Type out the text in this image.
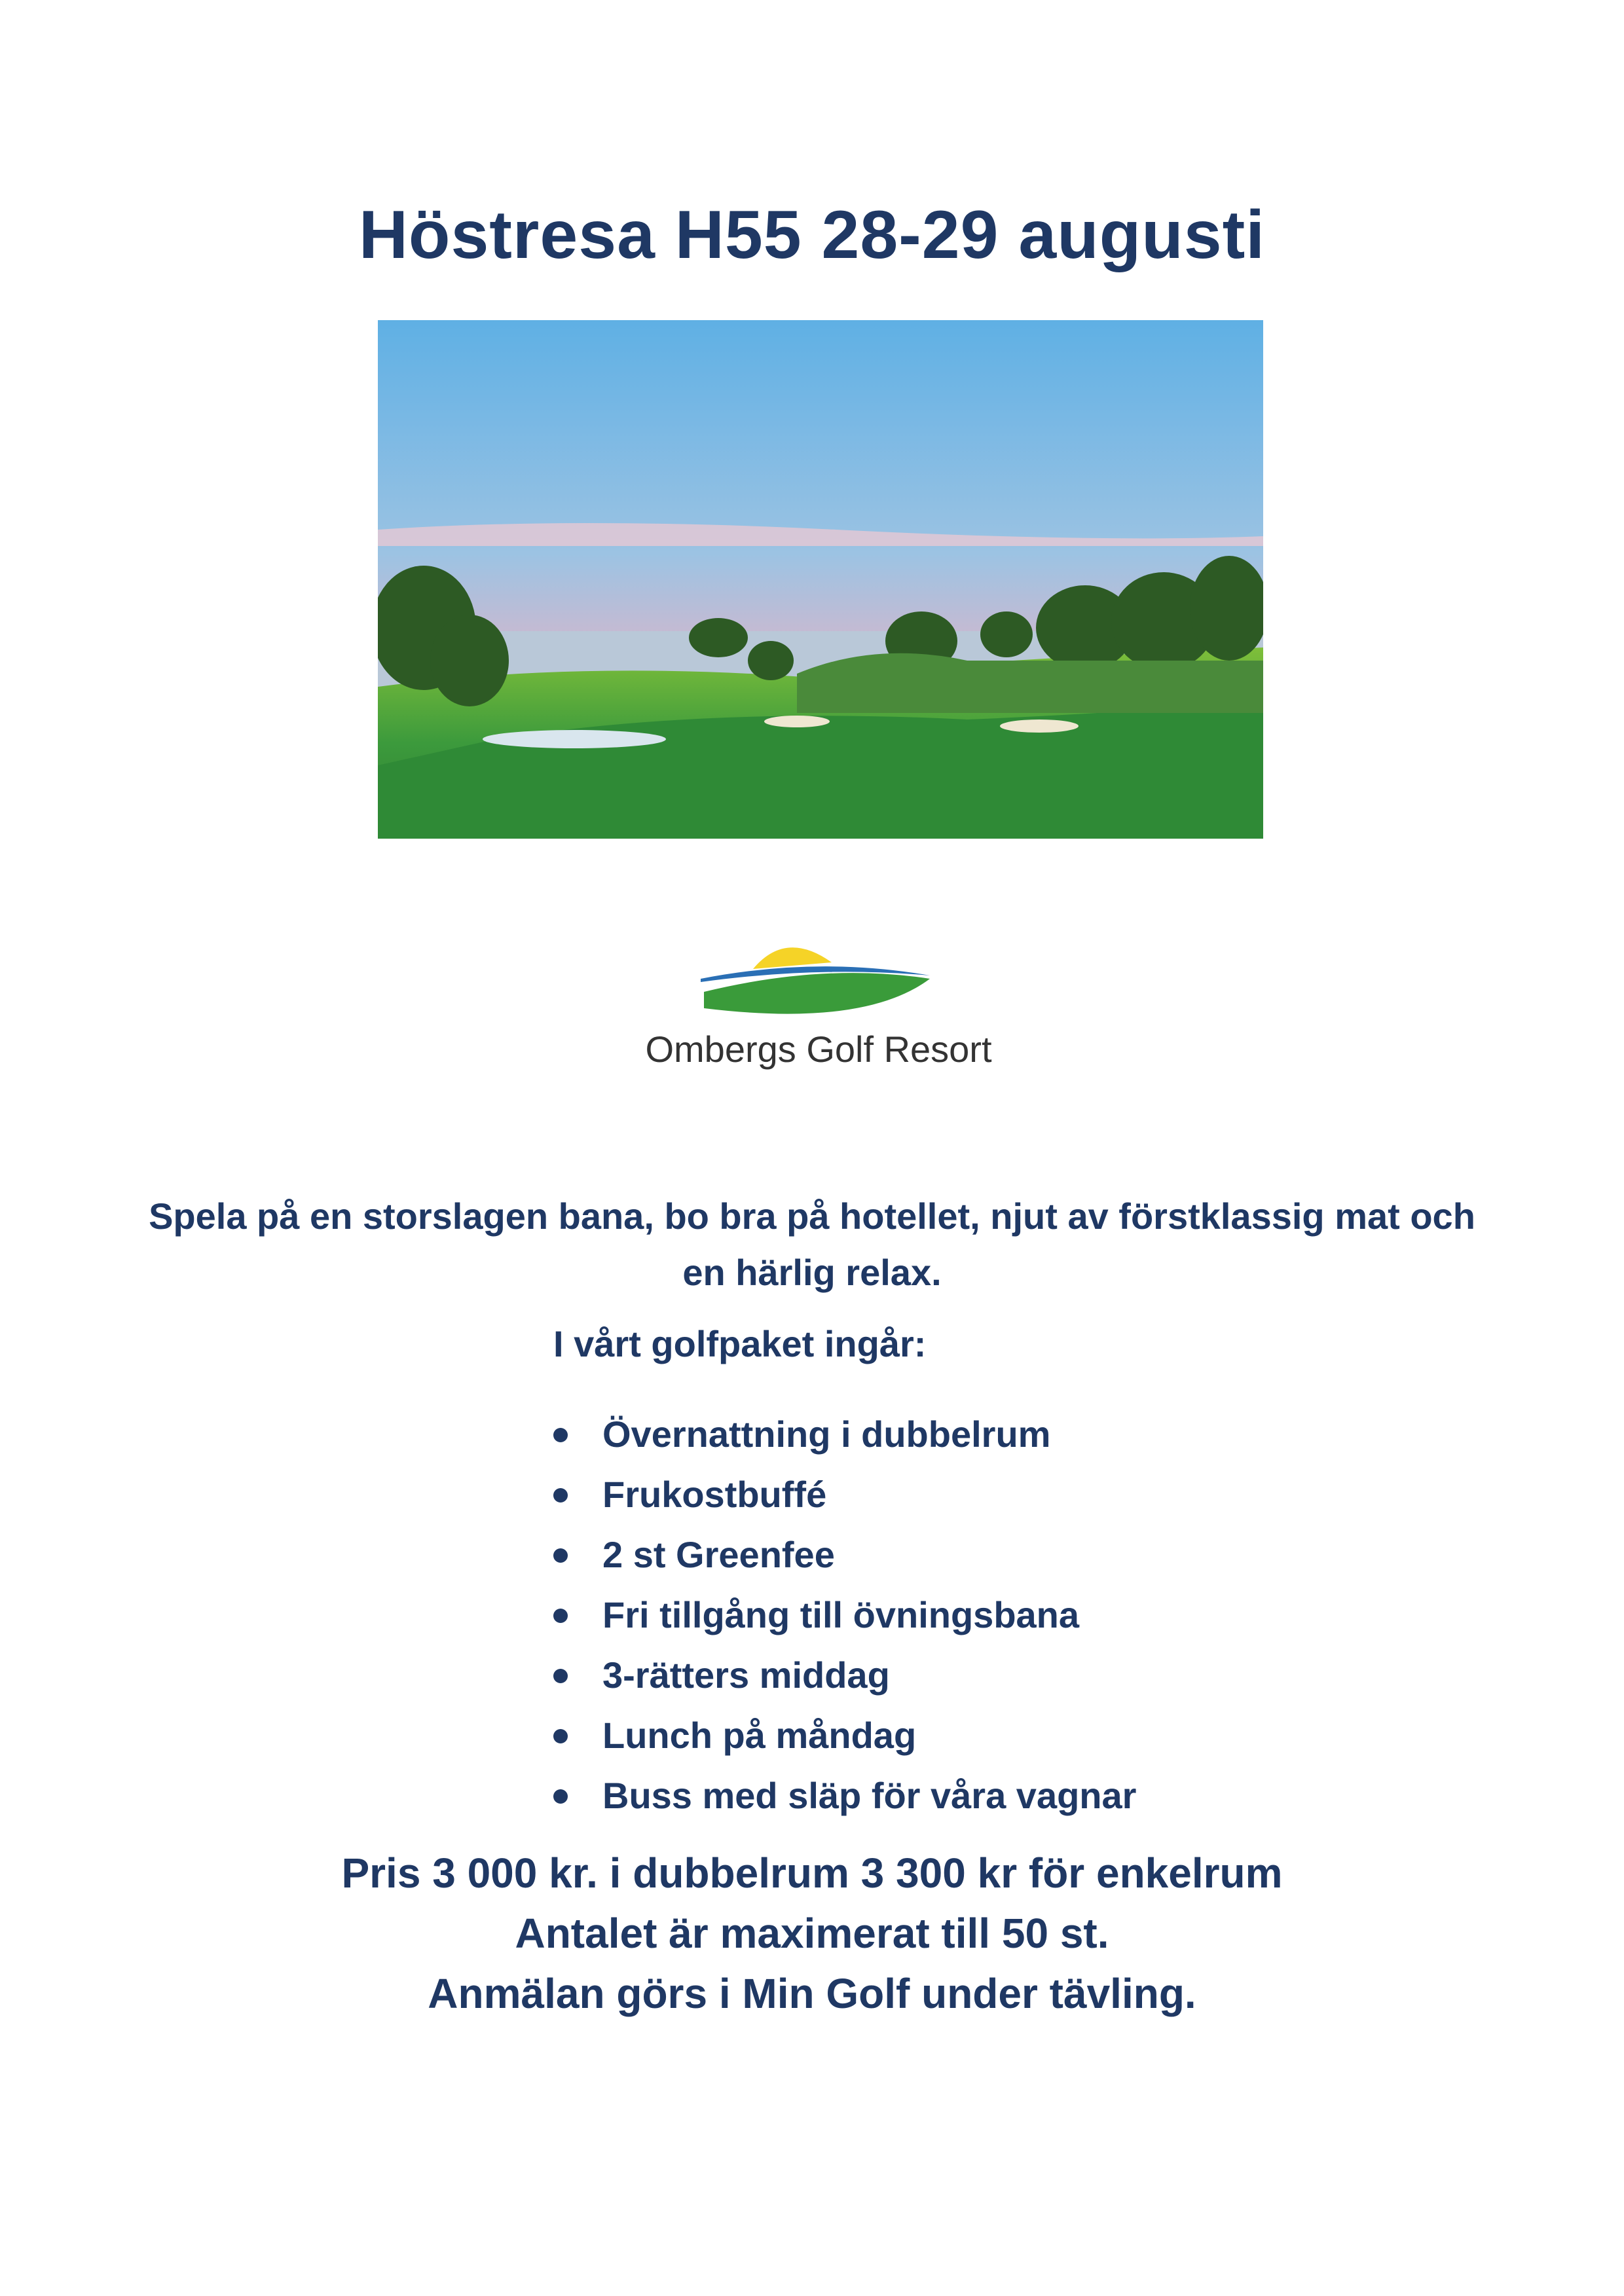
Höstresa H55 28-29 augusti
Ombergs Golf Resort

Spela på en storslagen bana, bo bra på hotellet, njut av förstklassig mat och en härlig relax.

I vårt golfpaket ingår:

Övernattning i dubbelrum
Frukostbuffé
2 st Greenfee
Fri tillgång till övningsbana
3-rätters middag
Lunch på måndag
Buss med släp för våra vagnar
Pris 3 000 kr. i dubbelrum 3 300 kr för enkelrum
Antalet är maximerat till 50 st.
Anmälan görs i Min Golf under tävling.
